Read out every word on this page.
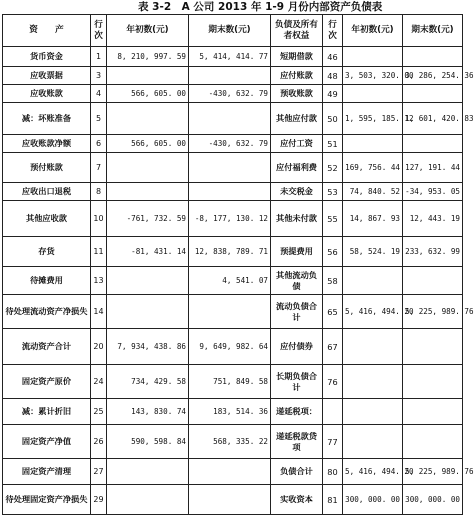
表 3-2　A 公司 2013 年 1-9 月份内部资产负债表
资　　产	行次	年初数(元)	期末数(元)	负债及所有者权益	行次	年初数(元)	期末数(元)
货币资金	1	8, 210, 997. 59	5, 414, 414. 77	短期借款	46		
应收票据	3			应付账款	48	3, 503, 320. 00	3, 286, 254. 36
应收账款	4	566, 605. 00	-430, 632. 79	预收账款	49		
减：坏账准备	5			其他应付款	50	1, 595, 185. 12	1, 601, 420. 83
应收账款净额	6	566, 605. 00	-430, 632. 79	应付工资	51		
预付账款	7			应付福利费	52	169, 756. 44	127, 191. 44
应收出口退税	8			未交税金	53	74, 840. 52	-34, 953. 05
其他应收款	10	-761, 732. 59	-8, 177, 130. 12	其他未付款	55	14, 867. 93	12, 443. 19
存货	11	-81, 431. 14	12, 838, 789. 71	预提费用	56	58, 524. 19	233, 632. 99
待摊费用	13		4, 541. 07	其他流动负债	58		
待处理流动资产净损失	14			流动负债合计	65	5, 416, 494. 20	5, 225, 989. 76
流动资产合计	20	7, 934, 438. 86	9, 649, 982. 64	应付债券	67		
固定资产原价	24	734, 429. 58	751, 849. 58	长期负债合计	76		
减：累计折旧	25	143, 830. 74	183, 514. 36	递延税项：			
固定资产净值	26	590, 598. 84	568, 335. 22	递延税款贷项	77		
固定资产清理	27			负债合计	80	5, 416, 494. 20	5, 225, 989. 76
待处理固定资产净损失	29			实收资本	81	300, 000. 00	300, 000. 00
